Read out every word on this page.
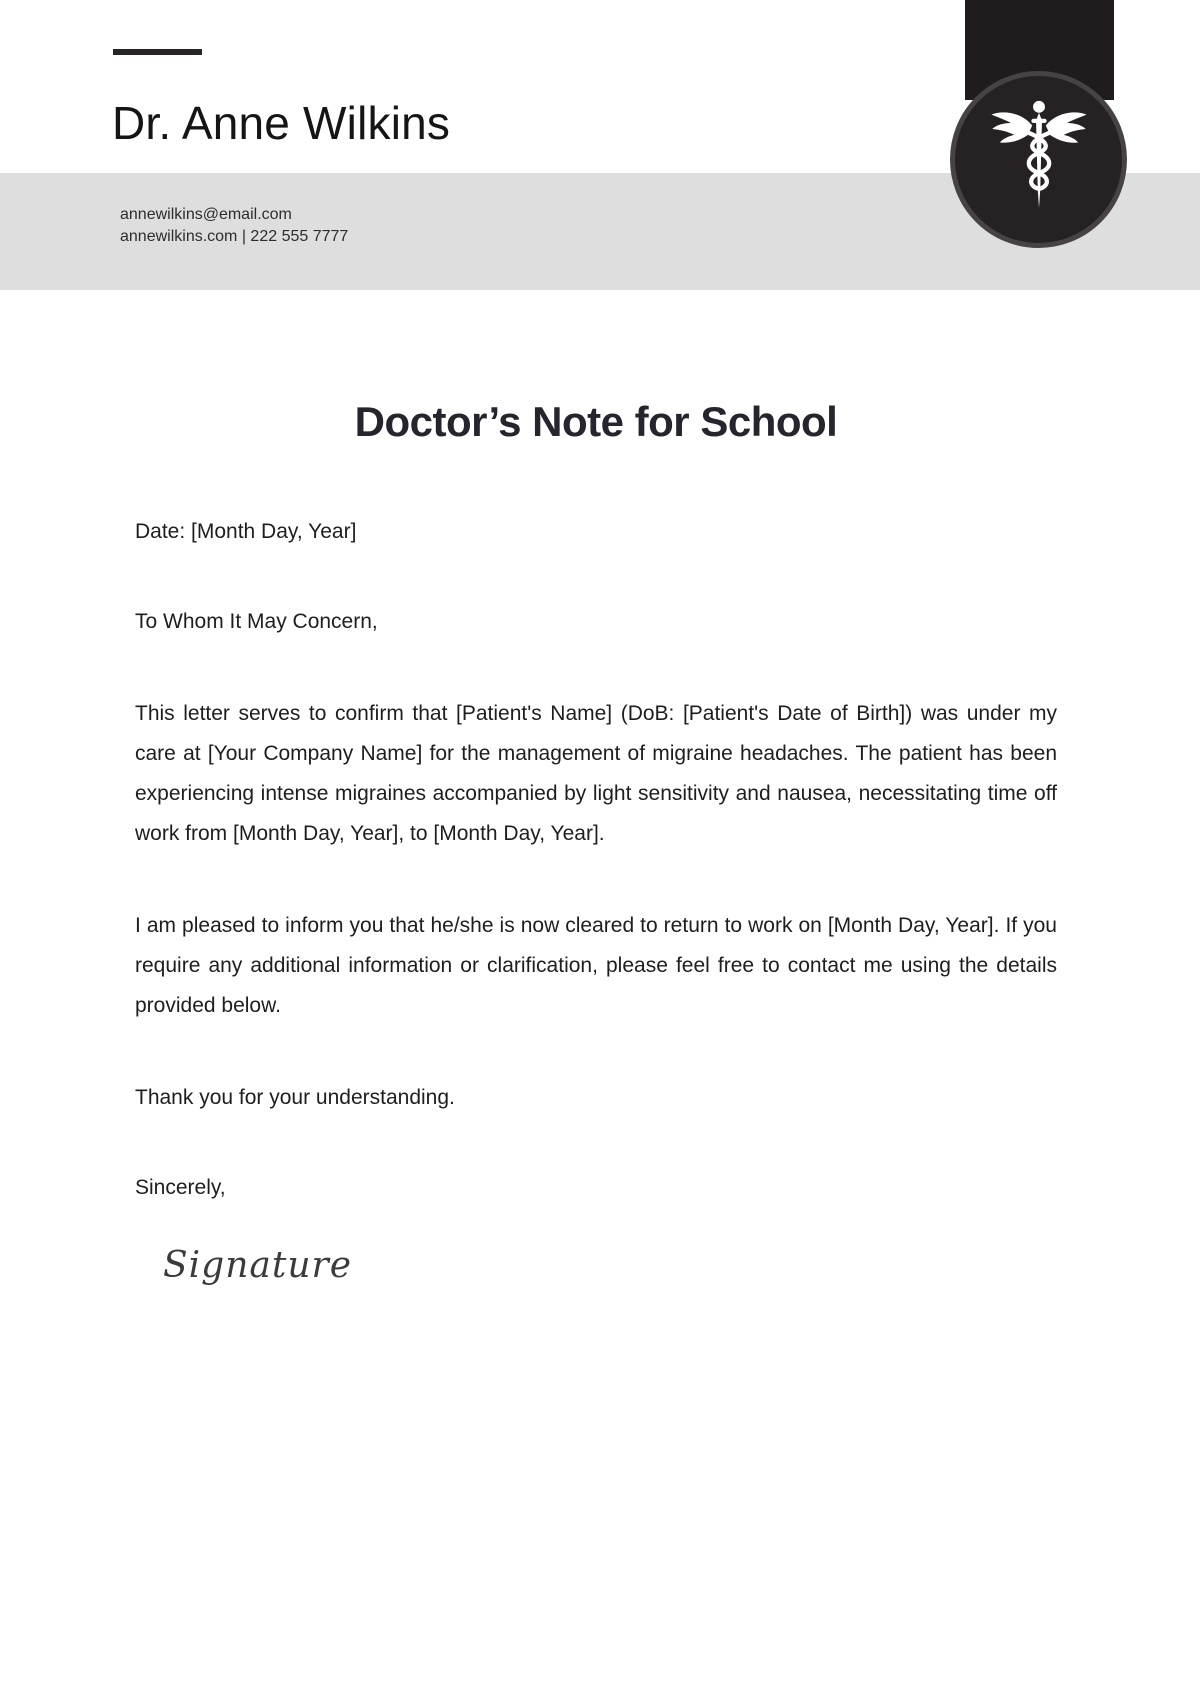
Dr. Anne Wilkins
annewilkins@email.com
annewilkins.com | 222 555 7777
Doctor’s Note for School

Date: [Month Day, Year]

To Whom It May Concern,

This letter serves to confirm that [Patient's Name] (DoB: [Patient's Date of Birth]) was under my care at [Your Company Name] for the management of migraine headaches. The patient has been experiencing intense migraines accompanied by light sensitivity and nausea, necessitating time off work from [Month Day, Year], to [Month Day, Year].

I am pleased to inform you that he/she is now cleared to return to work on [Month Day, Year]. If you require any additional information or clarification, please feel free to contact me using the details provided below.

Thank you for your understanding.

Sincerely,

Signature
